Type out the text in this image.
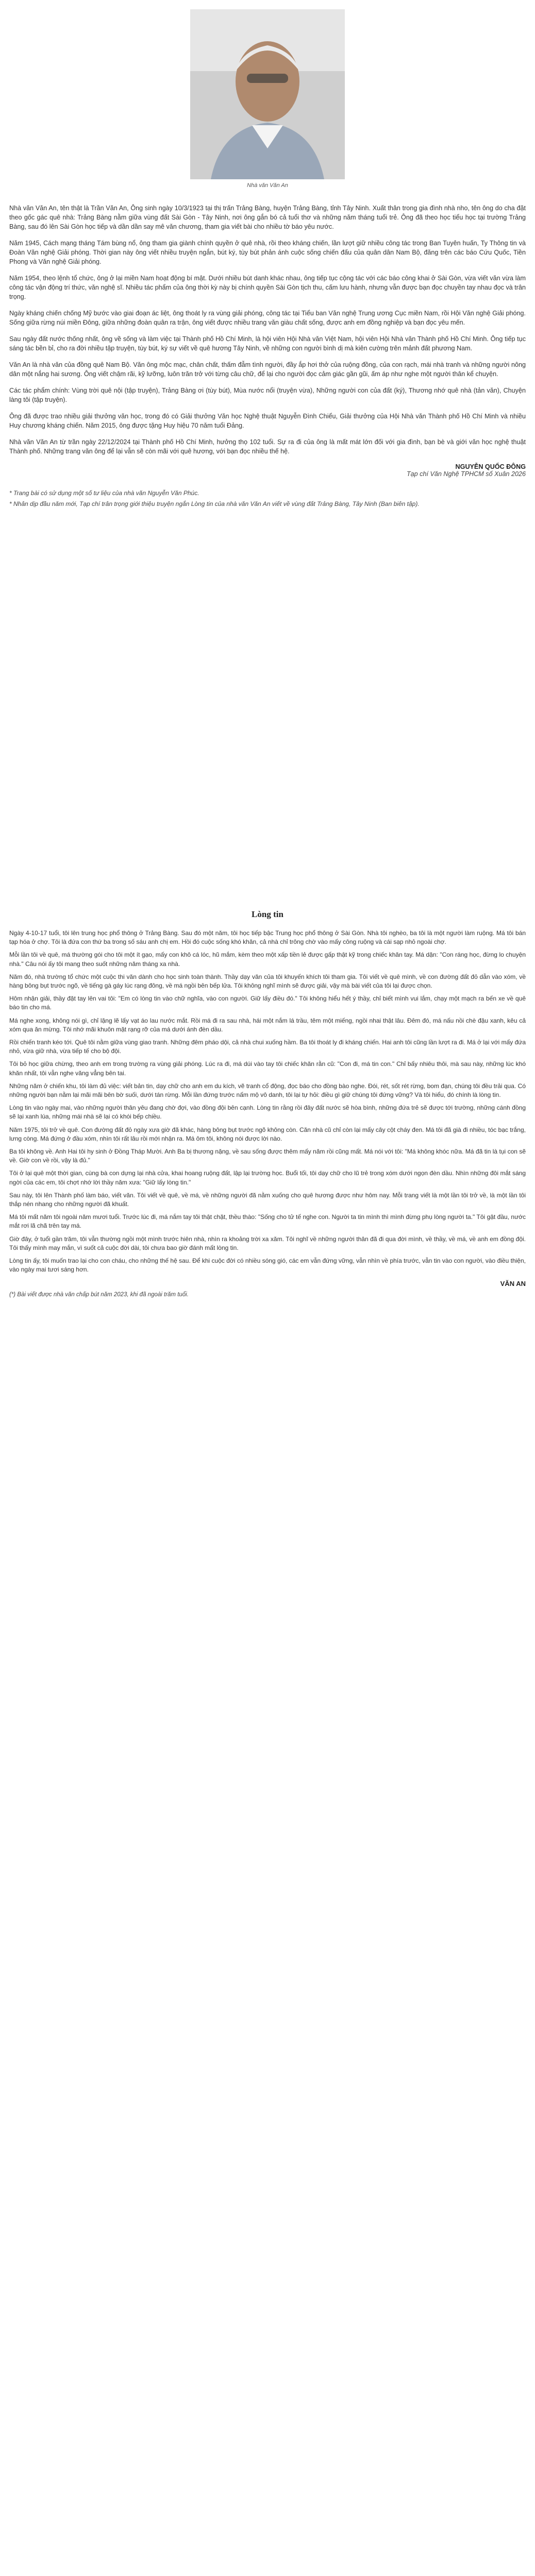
Nhà văn Văn An

Nhà văn Văn An, tên thật là Trần Văn An, Ông sinh ngày 10/3/1923 tại thị trấn Trảng Bàng, huyện Trảng Bàng, tỉnh Tây Ninh. Xuất thân trong gia đình nhà nho, tên ông do cha đặt theo gốc gác quê nhà: Trảng Bàng nằm giữa vùng đất Sài Gòn - Tây Ninh, nơi ông gắn bó cả tuổi thơ và những năm tháng tuổi trẻ. Ông đã theo học tiểu học tại trường Trảng Bàng, sau đó lên Sài Gòn học tiếp và dần dần say mê văn chương, tham gia viết bài cho nhiều tờ báo yêu nước.

Năm 1945, Cách mạng tháng Tám bùng nổ, ông tham gia giành chính quyền ở quê nhà, rồi theo kháng chiến, lần lượt giữ nhiều công tác trong Ban Tuyên huấn, Ty Thông tin và Đoàn Văn nghệ Giải phóng. Thời gian này ông viết nhiều truyện ngắn, bút ký, tùy bút phản ánh cuộc sống chiến đấu của quân dân Nam Bộ, đăng trên các báo Cứu Quốc, Tiền Phong và Văn nghệ Giải phóng.

Năm 1954, theo lệnh tổ chức, ông ở lại miền Nam hoạt động bí mật. Dưới nhiều bút danh khác nhau, ông tiếp tục cộng tác với các báo công khai ở Sài Gòn, vừa viết văn vừa làm công tác vận động trí thức, văn nghệ sĩ. Nhiều tác phẩm của ông thời kỳ này bị chính quyền Sài Gòn tịch thu, cấm lưu hành, nhưng vẫn được bạn đọc chuyền tay nhau đọc và trân trọng.

Ngày kháng chiến chống Mỹ bước vào giai đoạn ác liệt, ông thoát ly ra vùng giải phóng, công tác tại Tiểu ban Văn nghệ Trung ương Cục miền Nam, rồi Hội Văn nghệ Giải phóng. Sống giữa rừng núi miền Đông, giữa những đoàn quân ra trận, ông viết được nhiều trang văn giàu chất sống, được anh em đồng nghiệp và bạn đọc yêu mến.

Sau ngày đất nước thống nhất, ông về sống và làm việc tại Thành phố Hồ Chí Minh, là hội viên Hội Nhà văn Việt Nam, hội viên Hội Nhà văn Thành phố Hồ Chí Minh. Ông tiếp tục sáng tác bền bỉ, cho ra đời nhiều tập truyện, tùy bút, ký sự viết về quê hương Tây Ninh, về những con người bình dị mà kiên cường trên mảnh đất phương Nam.

Văn An là nhà văn của đồng quê Nam Bộ. Văn ông mộc mạc, chân chất, thấm đẫm tình người, đầy ắp hơi thở của ruộng đồng, của con rạch, mái nhà tranh và những người nông dân một nắng hai sương. Ông viết chậm rãi, kỹ lưỡng, luôn trăn trở với từng câu chữ, để lại cho người đọc cảm giác gần gũi, ấm áp như nghe một người thân kể chuyện.

Các tác phẩm chính: Vùng trời quê nội (tập truyện), Trảng Bàng ơi (tùy bút), Mùa nước nổi (truyện vừa), Những người con của đất (ký), Thương nhớ quê nhà (tản văn), Chuyện làng tôi (tập truyện).

Ông đã được trao nhiều giải thưởng văn học, trong đó có Giải thưởng Văn học Nghệ thuật Nguyễn Đình Chiểu, Giải thưởng của Hội Nhà văn Thành phố Hồ Chí Minh và nhiều Huy chương kháng chiến. Năm 2015, ông được tặng Huy hiệu 70 năm tuổi Đảng.

Nhà văn Văn An từ trần ngày 22/12/2024 tại Thành phố Hồ Chí Minh, hưởng thọ 102 tuổi. Sự ra đi của ông là mất mát lớn đối với gia đình, bạn bè và giới văn học nghệ thuật Thành phố. Những trang văn ông để lại vẫn sẽ còn mãi với quê hương, với bạn đọc nhiều thế hệ.

NGUYỄN QUỐC ĐÔNG
Tạp chí Văn Nghệ TPHCM số Xuân 2026

* Trang bài có sử dụng một số tư liệu của nhà văn Nguyễn Văn Phúc.

* Nhân dịp đầu năm mới, Tạp chí trân trọng giới thiệu truyện ngắn Lòng tin của nhà văn Văn An viết về vùng đất Trảng Bàng, Tây Ninh (Ban biên tập).

Lòng tin

Ngày 4-10-17 tuổi, tôi lên trung học phổ thông ở Trảng Bàng. Sau đó một năm, tôi học tiếp bậc Trung học phổ thông ở Sài Gòn. Nhà tôi nghèo, ba tôi là một người làm ruộng. Má tôi bán tạp hóa ở chợ. Tôi là đứa con thứ ba trong số sáu anh chị em. Hồi đó cuộc sống khó khăn, cả nhà chỉ trông chờ vào mấy công ruộng và cái sạp nhỏ ngoài chợ.

Mỗi lần tôi về quê, má thường gói cho tôi một ít gạo, mấy con khô cá lóc, hũ mắm, kèm theo một xấp tiền lẻ được gấp thật kỹ trong chiếc khăn tay. Má dặn: "Con ráng học, đừng lo chuyện nhà." Câu nói ấy tôi mang theo suốt những năm tháng xa nhà.

Năm đó, nhà trường tổ chức một cuộc thi văn dành cho học sinh toàn thành. Thầy dạy văn của tôi khuyến khích tôi tham gia. Tôi viết về quê mình, về con đường đất đỏ dẫn vào xóm, về hàng bông bụt trước ngõ, về tiếng gà gáy lúc rạng đông, về má ngồi bên bếp lửa. Tôi không nghĩ mình sẽ được giải, vậy mà bài viết của tôi lại được chọn.

Hôm nhận giải, thầy đặt tay lên vai tôi: "Em có lòng tin vào chữ nghĩa, vào con người. Giữ lấy điều đó." Tôi không hiểu hết ý thầy, chỉ biết mình vui lắm, chạy một mạch ra bến xe về quê báo tin cho má.

Má nghe xong, không nói gì, chỉ lặng lẽ lấy vạt áo lau nước mắt. Rồi má đi ra sau nhà, hái một nắm lá trầu, têm một miếng, ngồi nhai thật lâu. Đêm đó, má nấu nồi chè đậu xanh, kêu cả xóm qua ăn mừng. Tôi nhớ mãi khuôn mặt rạng rỡ của má dưới ánh đèn dầu.

Rồi chiến tranh kéo tới. Quê tôi nằm giữa vùng giao tranh. Những đêm pháo dội, cả nhà chui xuống hầm. Ba tôi thoát ly đi kháng chiến. Hai anh tôi cũng lần lượt ra đi. Má ở lại với mấy đứa nhỏ, vừa giữ nhà, vừa tiếp tế cho bộ đội.

Tôi bỏ học giữa chừng, theo anh em trong trường ra vùng giải phóng. Lúc ra đi, má dúi vào tay tôi chiếc khăn rằn cũ: "Con đi, má tin con." Chỉ bấy nhiêu thôi, mà sau này, những lúc khó khăn nhất, tôi vẫn nghe văng vẳng bên tai.

Những năm ở chiến khu, tôi làm đủ việc: viết bản tin, dạy chữ cho anh em du kích, vẽ tranh cổ động, đọc báo cho đồng bào nghe. Đói, rét, sốt rét rừng, bom đạn, chúng tôi đều trải qua. Có những người bạn nằm lại mãi mãi bên bờ suối, dưới tán rừng. Mỗi lần đứng trước nấm mộ vô danh, tôi lại tự hỏi: điều gì giữ chúng tôi đứng vững? Và tôi hiểu, đó chính là lòng tin.

Lòng tin vào ngày mai, vào những người thân yêu đang chờ đợi, vào đồng đội bên cạnh. Lòng tin rằng rồi đây đất nước sẽ hòa bình, những đứa trẻ sẽ được tới trường, những cánh đồng sẽ lại xanh lúa, những mái nhà sẽ lại có khói bếp chiều.

Năm 1975, tôi trở về quê. Con đường đất đỏ ngày xưa giờ đã khác, hàng bông bụt trước ngõ không còn. Căn nhà cũ chỉ còn lại mấy cây cột cháy đen. Má tôi đã già đi nhiều, tóc bạc trắng, lưng còng. Má đứng ở đầu xóm, nhìn tôi rất lâu rồi mới nhận ra. Má ôm tôi, không nói được lời nào.

Ba tôi không về. Anh Hai tôi hy sinh ở Đồng Tháp Mười. Anh Ba bị thương nặng, về sau sống được thêm mấy năm rồi cũng mất. Má nói với tôi: "Má không khóc nữa. Má đã tin là tụi con sẽ về. Giờ con về rồi, vậy là đủ."

Tôi ở lại quê một thời gian, cùng bà con dựng lại nhà cửa, khai hoang ruộng đất, lập lại trường học. Buổi tối, tôi dạy chữ cho lũ trẻ trong xóm dưới ngọn đèn dầu. Nhìn những đôi mắt sáng ngời của các em, tôi chợt nhớ lời thầy năm xưa: "Giữ lấy lòng tin."

Sau này, tôi lên Thành phố làm báo, viết văn. Tôi viết về quê, về má, về những người đã nằm xuống cho quê hương được như hôm nay. Mỗi trang viết là một lần tôi trở về, là một lần tôi thắp nén nhang cho những người đã khuất.

Má tôi mất năm tôi ngoài năm mươi tuổi. Trước lúc đi, má nắm tay tôi thật chặt, thều thào: "Sống cho tử tế nghe con. Người ta tin mình thì mình đừng phụ lòng người ta." Tôi gật đầu, nước mắt rơi lã chã trên tay má.

Giờ đây, ở tuổi gần trăm, tôi vẫn thường ngồi một mình trước hiên nhà, nhìn ra khoảng trời xa xăm. Tôi nghĩ về những người thân đã đi qua đời mình, về thầy, về má, về anh em đồng đội. Tôi thấy mình may mắn, vì suốt cả cuộc đời dài, tôi chưa bao giờ đánh mất lòng tin.

Lòng tin ấy, tôi muốn trao lại cho con cháu, cho những thế hệ sau. Để khi cuộc đời có nhiều sóng gió, các em vẫn đứng vững, vẫn nhìn về phía trước, vẫn tin vào con người, vào điều thiện, vào ngày mai tươi sáng hơn.

VĂN AN
(*) Bài viết được nhà văn chấp bút năm 2023, khi đã ngoài trăm tuổi.
